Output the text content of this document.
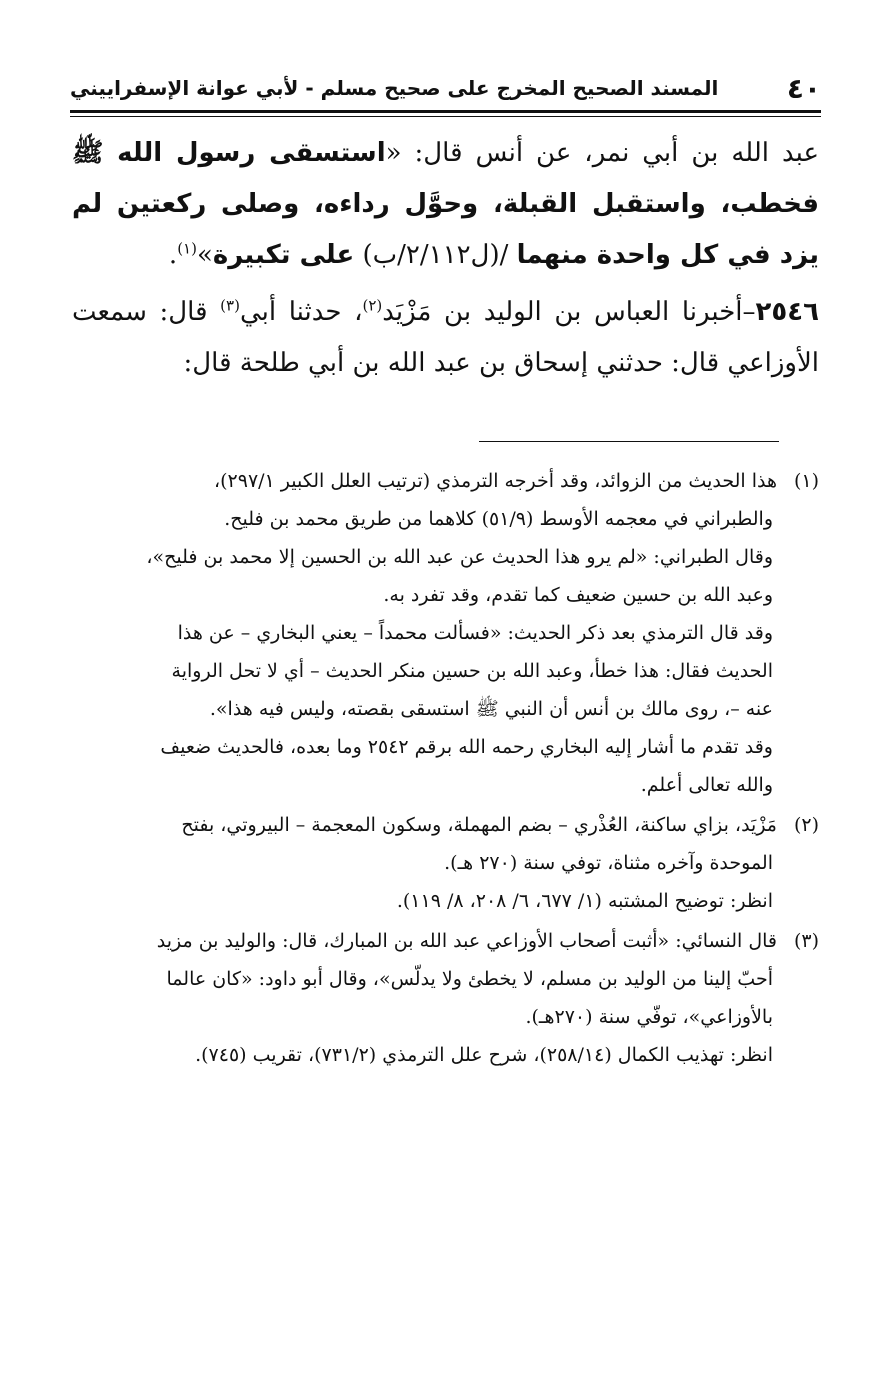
٤٠
المسند الصحيح المخرج على صحيح مسلم - لأبي عوانة الإسفراييني

عبد الله بن أبي نمر، عن أنس قال: «استسقى رسول الله ﷺ فخطب، واستقبل القبلة، وحوَّل رداءه، وصلى ركعتين لم يزد في كل واحدة منهما /(ل٢/١١٢/ب) على تكبيرة»$^{(١)}$.

٢٥٤٦–أخبرنا العباس بن الوليد بن مَزْيَد$^{(٢)}$، حدثنا أبي$^{(٣)}$ قال: سمعت الأوزاعي قال: حدثني إسحاق بن عبد الله بن أبي طلحة قال:

(١)هذا الحديث من الزوائد، وقد أخرجه الترمذي (ترتيب العلل الكبير ٢٩٧/١)،
والطبراني في معجمه الأوسط (٥١/٩) كلاهما من طريق محمد بن فليح.
وقال الطبراني: «لم يرو هذا الحديث عن عبد الله بن الحسين إلا محمد بن فليح»،
وعبد الله بن حسين ضعيف كما تقدم، وقد تفرد به.
وقد قال الترمذي بعد ذكر الحديث: «فسألت محمداً – يعني البخاري – عن هذا
الحديث فقال: هذا خطأ، وعبد الله بن حسين منكر الحديث – أي لا تحل الرواية
عنه –، روى مالك بن أنس أن النبي ﷺ استسقى بقصته، وليس فيه هذا».
وقد تقدم ما أشار إليه البخاري رحمه الله برقم ٢٥٤٢ وما بعده، فالحديث ضعيف
والله تعالى أعلم.
(٢)مَزْيَد، بزاي ساكنة، العُذْري – بضم المهملة، وسكون المعجمة – البيروتي، بفتح
الموحدة وآخره مثناة، توفي سنة (٢٧٠ هـ).
انظر: توضيح المشتبه (١/ ٦٧٧، ٦/ ٢٠٨، ٨/ ١١٩).
(٣)قال النسائي: «أثبت أصحاب الأوزاعي عبد الله بن المبارك، قال: والوليد بن مزيد
أحبّ إلينا من الوليد بن مسلم، لا يخطئ ولا يدلّس»، وقال أبو داود: «كان عالما
بالأوزاعي»، توفّي سنة (٢٧٠هـ).
انظر: تهذيب الكمال (٢٥٨/١٤)، شرح علل الترمذي (٧٣١/٢)، تقريب (٧٤٥).
